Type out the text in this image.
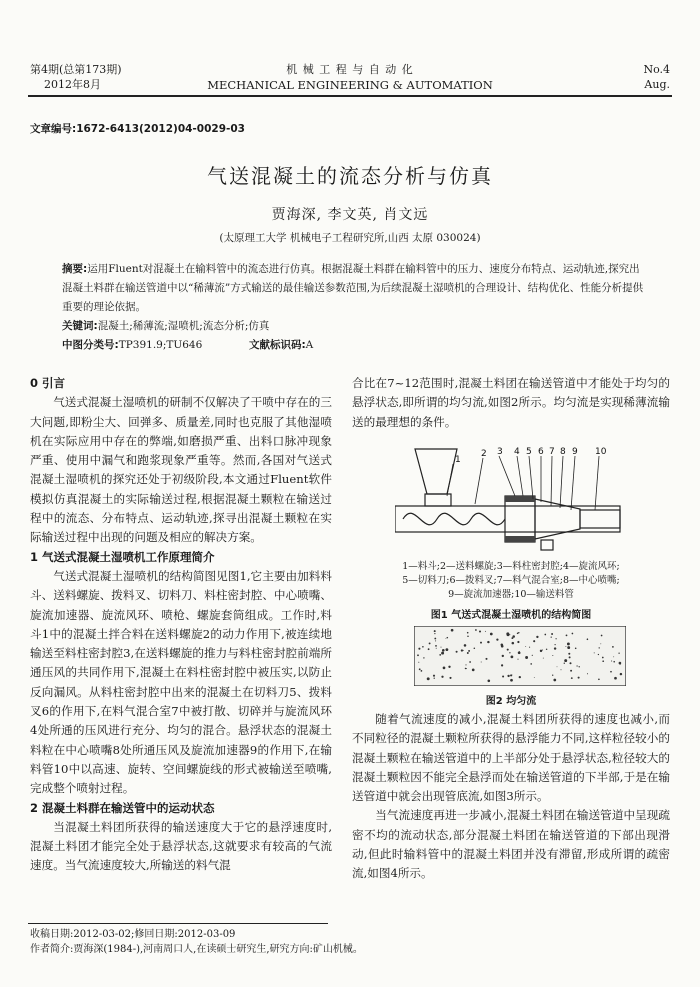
第4期(总第173期)
2012年8月
机 械 工 程 与 自 动 化
MECHANICAL ENGINEERING & AUTOMATION
No.4
Aug.
文章编号:1672-6413(2012)04-0029-03
气送混凝土的流态分析与仿真
贾海深, 李文英, 肖文远
(太原理工大学 机械电子工程研究所,山西 太原 030024)
摘要:运用Fluent对混凝土在输料管中的流态进行仿真。根据混凝土料群在输料管中的压力、速度分布特点、运动轨迹,探究出混凝土料群在输送管道中以“稀薄流”方式输送的最佳输送参数范围,为后续混凝土湿喷机的合理设计、结构优化、性能分析提供重要的理论依据。
关键词:混凝土;稀薄流;湿喷机;流态分析;仿真
中图分类号:TP391.9;TU646	文献标识码:A

0 引言

气送式混凝土湿喷机的研制不仅解决了干喷中存在的三大问题,即粉尘大、回弹多、质量差,同时也克服了其他湿喷机在实际应用中存在的弊端,如磨损严重、出料口脉冲现象严重、使用中漏气和跑浆现象严重等。然而,各国对气送式混凝土湿喷机的探究还处于初级阶段,本文通过Fluent软件模拟仿真混凝土的实际输送过程,根据混凝土颗粒在输送过程中的流态、分布特点、运动轨迹,探寻出混凝土颗粒在实际输送过程中出现的问题及相应的解决方案。

1 气送式混凝土湿喷机工作原理简介

气送式混凝土湿喷机的结构简图见图1,它主要由加料料斗、送料螺旋、拨料叉、切料刀、料柱密封腔、中心喷嘴、旋流加速器、旋流风环、喷枪、螺旋套筒组成。工作时,料斗1中的混凝土拌合料在送料螺旋2的动力作用下,被连续地输送至料柱密封腔3,在送料螺旋的推力与料柱密封腔前端所通压风的共同作用下,混凝土在料柱密封腔中被压实,以防止反向漏风。从料柱密封腔中出来的混凝土在切料刀5、拨料叉6的作用下,在料气混合室7中被打散、切碎并与旋流风环4处所通的压风进行充分、均匀的混合。悬浮状态的混凝土料粒在中心喷嘴8处所通压风及旋流加速器9的作用下,在输料管10中以高速、旋转、空间螺旋线的形式被输送至喷嘴,完成整个喷射过程。

2 混凝土料群在输送管中的运动状态

当混凝土料团所获得的输送速度大于它的悬浮速度时,混凝土料团才能完全处于悬浮状态,这就要求有较高的气流速度。当气流速度较大,所输送的料气混

合比在7~12范围时,混凝土料团在输送管道中才能处于均匀的悬浮状态,即所谓的均匀流,如图2所示。均匀流是实现稀薄流输送的最理想的条件。

1
2 3 4 5 6 7 8 9 10
1—料斗;2—送料螺旋;3—料柱密封腔;4—旋流风环;
5—切料刀;6—拨料叉;7—料气混合室;8—中心喷嘴;
9—旋流加速器;10—输送料管
图1 气送式混凝土湿喷机的结构简图
图2 均匀流

随着气流速度的减小,混凝土料团所获得的速度也减小,而不同粒径的混凝土颗粒所获得的悬浮能力不同,这样粒径较小的混凝土颗粒在输送管道中的上半部分处于悬浮状态,粒径较大的混凝土颗粒因不能完全悬浮而处在输送管道的下半部,于是在输送管道中就会出现管底流,如图3所示。

当气流速度再进一步减小,混凝土料团在输送管道中呈现疏密不均的流动状态,部分混凝土料团在输送管道的下部出现滑动,但此时输料管中的混凝土料团并没有滞留,形成所谓的疏密流,如图4所示。

收稿日期:2012-03-02;修回日期:2012-03-09
作者简介:贾海深(1984-),河南周口人,在读硕士研究生,研究方向:矿山机械。
